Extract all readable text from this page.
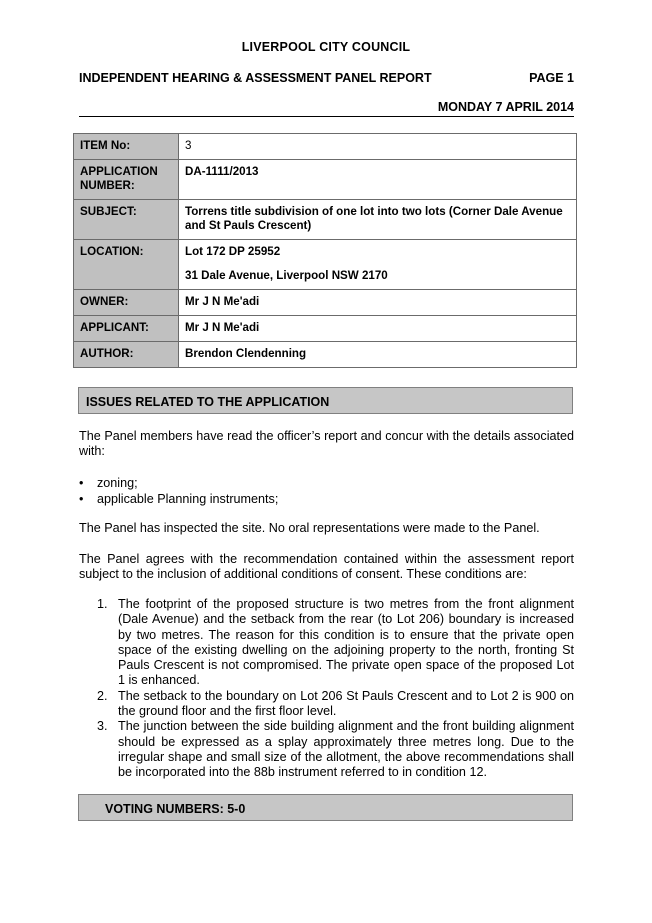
LIVERPOOL CITY COUNCIL
INDEPENDENT HEARING & ASSESSMENT PANEL REPORT	PAGE 1
MONDAY 7 APRIL 2014
ITEM No:	3
APPLICATION NUMBER:	DA-1111/2013
SUBJECT:	Torrens title subdivision of one lot into two lots (Corner Dale Avenue and St Pauls Crescent)
LOCATION:	Lot 172 DP 25952
31 Dale Avenue, Liverpool NSW 2170

OWNER:	Mr J N Me'adi
APPLICANT:	Mr J N Me'adi
AUTHOR:	Brendon Clendenning
ISSUES RELATED TO THE APPLICATION
The Panel members have read the officer’s report and concur with the details associated with:
•	zoning;
•	applicable Planning instruments;
The Panel has inspected the site. No oral representations were made to the Panel.
The Panel agrees with the recommendation contained within the assessment report subject to the inclusion of additional conditions of consent. These conditions are:
1. The footprint of the proposed structure is two metres from the front alignment (Dale Avenue) and the setback from the rear (to Lot 206) boundary is increased by two metres. The reason for this condition is to ensure that the private open space of the existing dwelling on the adjoining property to the north, fronting St Pauls Crescent is not compromised. The private open space of the proposed Lot 1 is enhanced.
2. The setback to the boundary on Lot 206 St Pauls Crescent and to Lot 2 is 900 on the ground floor and the first floor level.
3. The junction between the side building alignment and the front building alignment should be expressed as a splay approximately three metres long. Due to the irregular shape and small size of the allotment, the above recommendations shall be incorporated into the 88b instrument referred to in condition 12.
VOTING NUMBERS: 5-0
